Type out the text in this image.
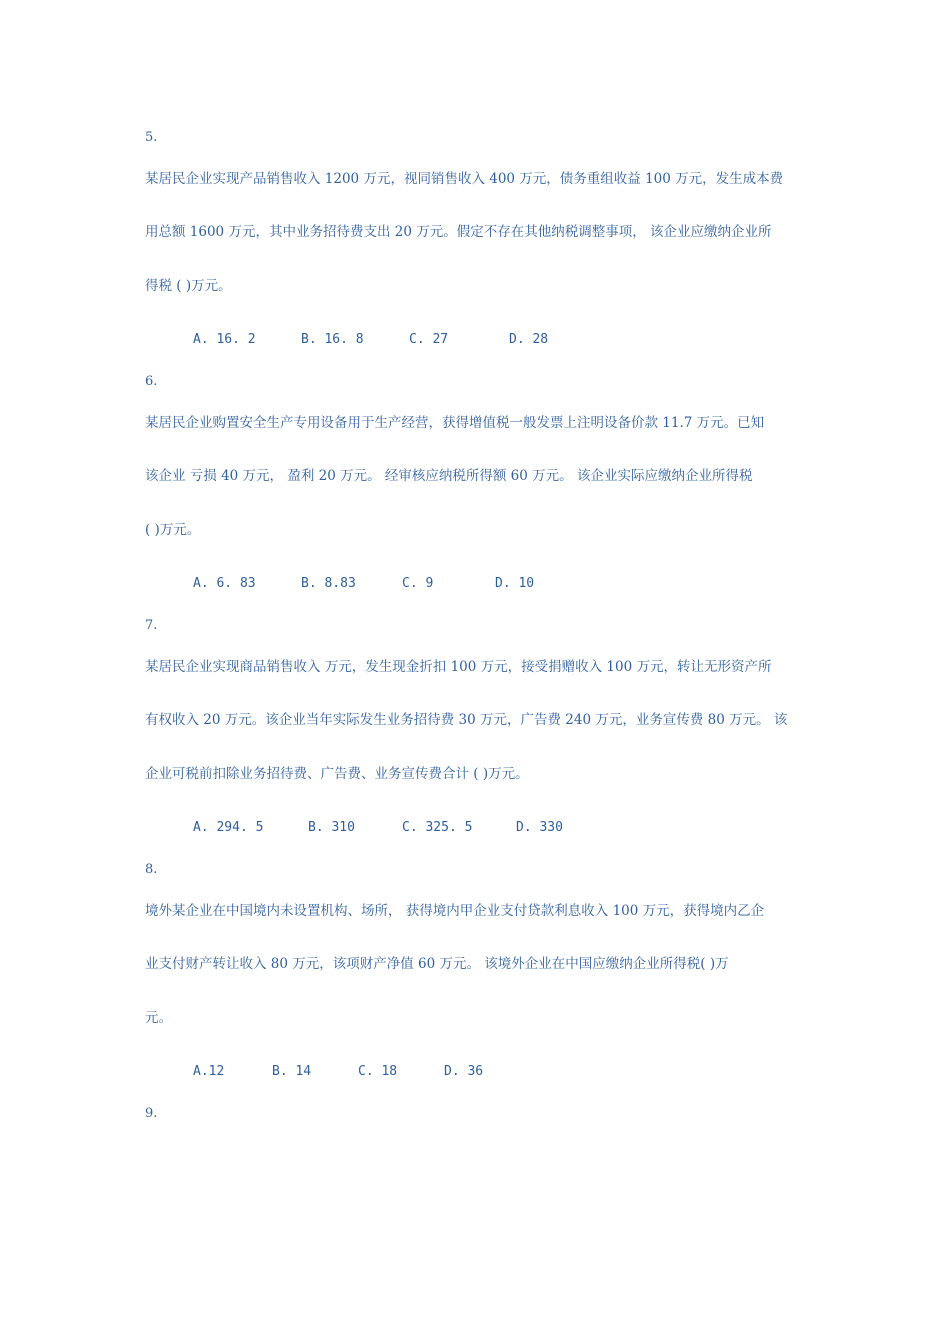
5.
某居民企业实现产品销售收入 1200 万元，视同销售收入 400 万元，债务重组收益 100 万元，发生成本费
用总额 1600 万元，其中业务招待费支出 20 万元。假定不存在其他纳税调整事项， 该企业应缴纳企业所
得税 ( )万元。
A. 16. 2	B. 16. 8	C. 27	D. 28
6.
某居民企业购置安全生产专用设备用于生产经营，获得增值税一般发票上注明设备价款 11.7 万元。已知
该企业 亏损 40 万元， 盈利 20 万元。 经审核应纳税所得额 60 万元。 该企业实际应缴纳企业所得税
( )万元。
A. 6. 83	B. 8.83	C. 9	D. 10
7.
某居民企业实现商品销售收入 万元，发生现金折扣 100 万元，接受捐赠收入 100 万元，转让无形资产所
有权收入 20 万元。该企业当年实际发生业务招待费 30 万元，广告费 240 万元，业务宣传费 80 万元。 该
企业可税前扣除业务招待费、广告费、业务宣传费合计 ( )万元。
A. 294. 5	B. 310	C. 325. 5	D. 330
8.
境外某企业在中国境内未设置机构、场所， 获得境内甲企业支付贷款利息收入 100 万元，获得境内乙企
业支付财产转让收入 80 万元，该项财产净值 60 万元。 该境外企业在中国应缴纳企业所得税( )万
元。
A.12	B. 14	C. 18	D. 36
9.
